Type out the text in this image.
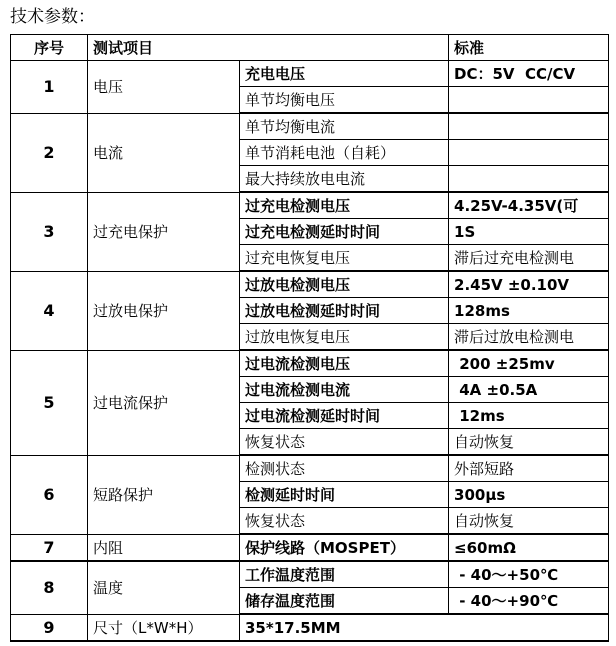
技术参数：
序号	测试项目		标准
1	电压	充电电压	DC：5V  CC/CV
		单节均衡电压	
2	电流	单节均衡电流	
		单节消耗电池（自耗）	
		最大持续放电电流	
3	过充电保护	过充电检测电压	4.25V-4.35V(可
		过充电检测延时时间	1S
		过充电恢复电压	滞后过充电检测电
4	过放电保护	过放电检测电压	2.45V ±0.10V
		过放电检测延时时间	128ms
		过放电恢复电压	滞后过放电检测电
5	过电流保护	过电流检测电压	200 ±25mv
		过电流检测电流	4A ±0.5A
		过电流检测延时时间	12ms
		恢复状态	自动恢复
6	短路保护	检测状态	外部短路
		检测延时时间	300μs
		恢复状态	自动恢复
7	内阻	保护线路（MOSPET）	≤60mΩ
8	温度	工作温度范围	- 40～+50℃
		储存温度范围	- 40～+90℃
9	尺寸（L*W*H）	35*17.5MM	
